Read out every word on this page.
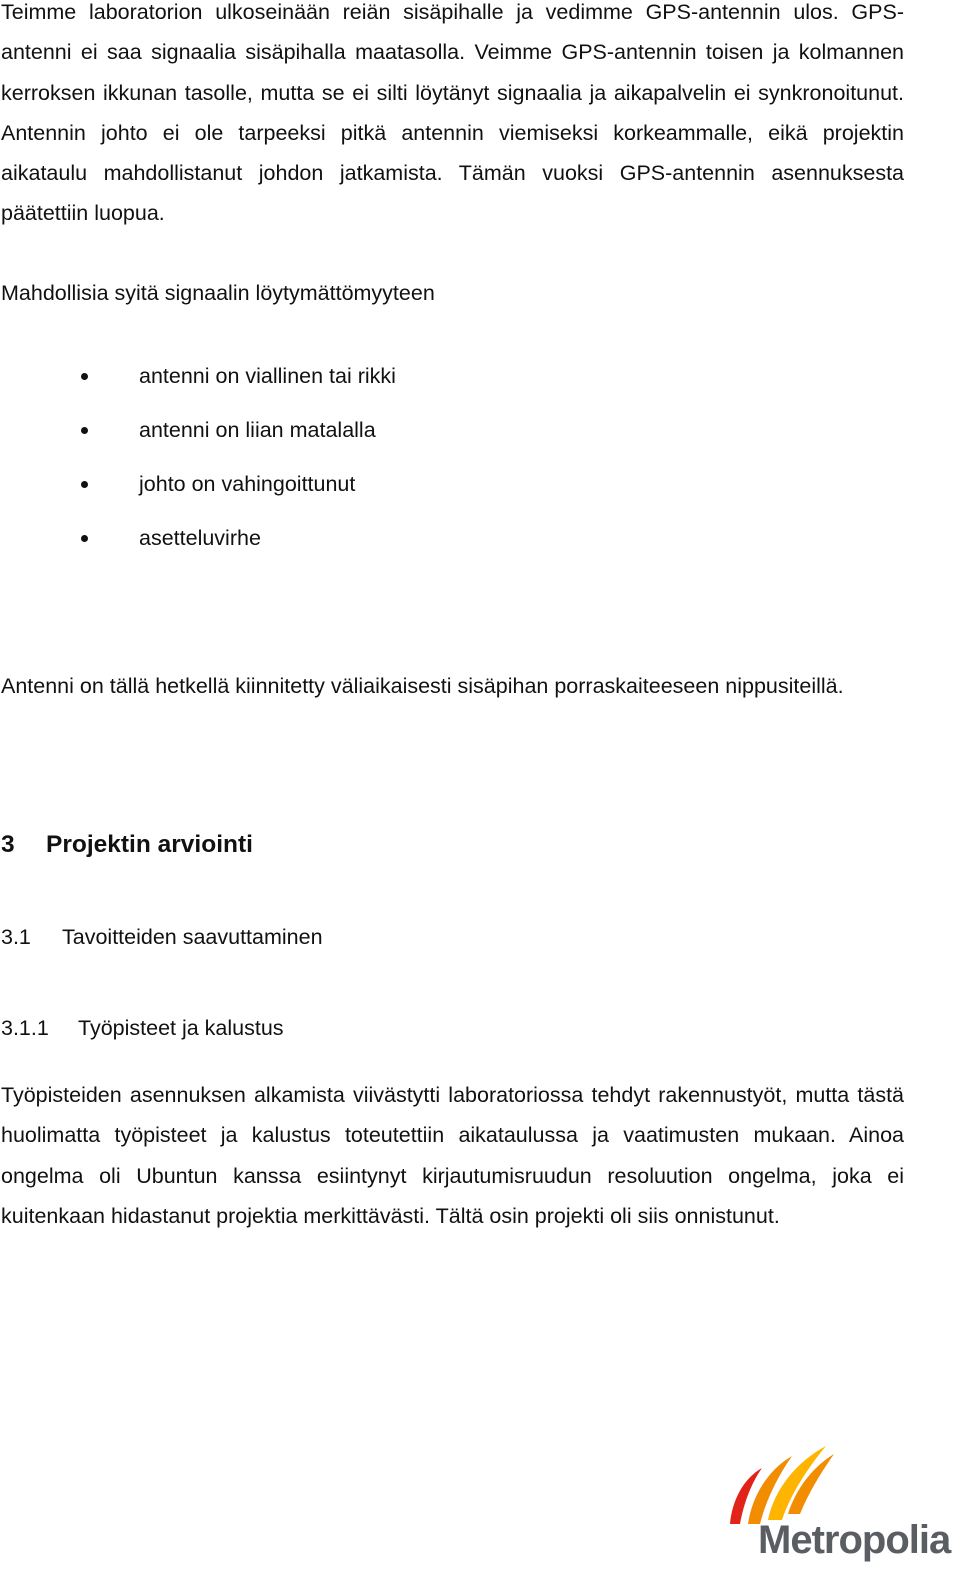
Teimme laboratorion ulkoseinään reiän sisäpihalle ja vedimme GPS-antennin ulos. GPS-antenni ei saa signaalia sisäpihalla maatasolla. Veimme GPS-antennin toisen ja kolmannen kerroksen ikkunan tasolle, mutta se ei silti löytänyt signaalia ja aikapalvelin ei synkronoitunut. Antennin johto ei ole tarpeeksi pitkä antennin viemiseksi korkeammalle, eikä projektin aikataulu mahdollistanut johdon jatkamista. Tämän vuoksi GPS-antennin asennuksesta päätettiin luopua.

Mahdollisia syitä signaalin löytymättömyyteen

antenni on viallinen tai rikki
antenni on liian matalalla
johto on vahingoittunut
asetteluvirhe

Antenni on tällä hetkellä kiinnitetty väliaikaisesti sisäpihan porraskaiteeseen nippusiteillä.

3 Projektin arviointi
3.1 Tavoitteiden saavuttaminen
3.1.1 Työpisteet ja kalustus

Työpisteiden asennuksen alkamista viivästytti laboratoriossa tehdyt rakennustyöt, mutta tästä huolimatta työpisteet ja kalustus toteutettiin aikataulussa ja vaatimusten mukaan. Ainoa ongelma oli Ubuntun kanssa esiintynyt kirjautumisruudun resoluution ongelma, joka ei kuitenkaan hidastanut projektia merkittävästi. Tältä osin projekti oli siis onnistunut.

Metropolia
